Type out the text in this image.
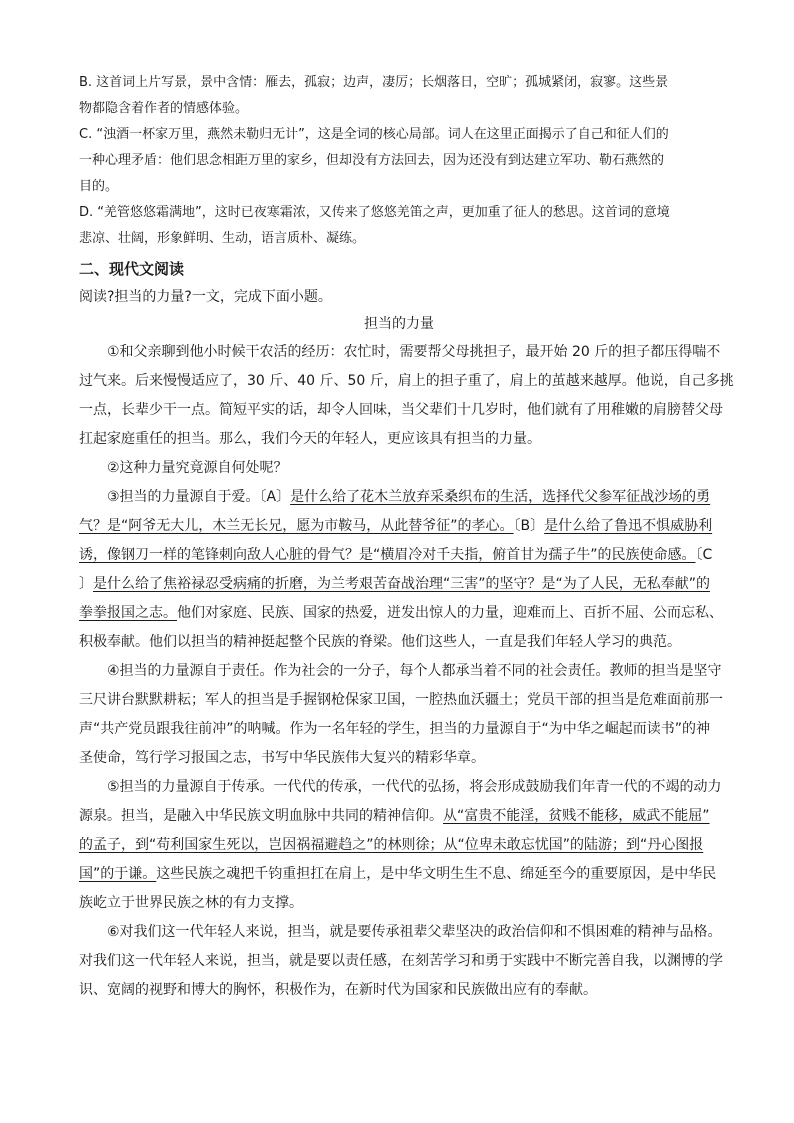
B. 这首词上片写景，景中含情：雁去，孤寂；边声，凄厉；长烟落日，空旷；孤城紧闭，寂寥。这些景
物都隐含着作者的情感体验。
C. “浊酒一杯家万里，燕然未勒归无计”，这是全词的核心局部。词人在这里正面揭示了自己和征人们的
一种心理矛盾：他们思念相距万里的家乡，但却没有方法回去，因为还没有到达建立军功、勒石燕然的
目的。
D. “羌管悠悠霜满地”，这时已夜寒霜浓，又传来了悠悠羌笛之声，更加重了征人的愁思。这首词的意境
悲凉、壮阔，形象鲜明、生动，语言质朴、凝练。
二、现代文阅读
阅读?担当的力量?一文，完成下面小题。
担当的力量
①和父亲聊到他小时候干农活的经历：农忙时，需要帮父母挑担子，最开始 20 斤的担子都压得喘不
过气来。后来慢慢适应了，30 斤、40 斤、50 斤，肩上的担子重了，肩上的茧越来越厚。他说，自己多挑
一点，长辈少干一点。简短平实的话，却令人回味，当父辈们十几岁时，他们就有了用稚嫩的肩膀替父母
扛起家庭重任的担当。那么，我们今天的年轻人，更应该具有担当的力量。
②这种力量究竟源自何处呢？
③担当的力量源自于爱。〔A〕是什么给了花木兰放弃采桑织布的生活，选择代父参军征战沙场的勇
气？是“阿爷无大儿，木兰无长兄，愿为市鞍马，从此替爷征”的孝心。〔B〕是什么给了鲁迅不惧威胁利
诱，像钢刀一样的笔锋刺向敌人心脏的骨气？是“横眉冷对千夫指，俯首甘为孺子牛”的民族使命感。〔C
〕是什么给了焦裕禄忍受病痛的折磨，为兰考艰苦奋战治理“三害”的坚守？是“为了人民，无私奉献”的
拳拳报国之志。他们对家庭、民族、国家的热爱，迸发出惊人的力量，迎难而上、百折不屈、公而忘私、
积极奉献。他们以担当的精神挺起整个民族的脊梁。他们这些人，一直是我们年轻人学习的典范。
④担当的力量源自于责任。作为社会的一分子，每个人都承当着不同的社会责任。教师的担当是坚守
三尺讲台默默耕耘；军人的担当是手握钢枪保家卫国，一腔热血沃疆土；党员干部的担当是危难面前那一
声“共产党员跟我往前冲”的呐喊。作为一名年轻的学生，担当的力量源自于“为中华之崛起而读书”的神
圣使命，笃行学习报国之志，书写中华民族伟大复兴的精彩华章。
⑤担当的力量源自于传承。一代代的传承，一代代的弘扬，将会形成鼓励我们年青一代的不竭的动力
源泉。担当，是融入中华民族文明血脉中共同的精神信仰。从“富贵不能淫，贫贱不能移，威武不能屈”
的孟子，到“苟利国家生死以，岂因祸福避趋之”的林则徐；从“位卑未敢忘忧国”的陆游；到“丹心图报
国”的于谦。这些民族之魂把千钧重担扛在肩上，是中华文明生生不息、绵延至今的重要原因，是中华民
族屹立于世界民族之林的有力支撑。
⑥对我们这一代年轻人来说，担当，就是要传承祖辈父辈坚决的政治信仰和不惧困难的精神与品格。
对我们这一代年轻人来说，担当，就是要以责任感，在刻苦学习和勇于实践中不断完善自我，以渊博的学
识、宽阔的视野和博大的胸怀，积极作为，在新时代为国家和民族做出应有的奉献。
